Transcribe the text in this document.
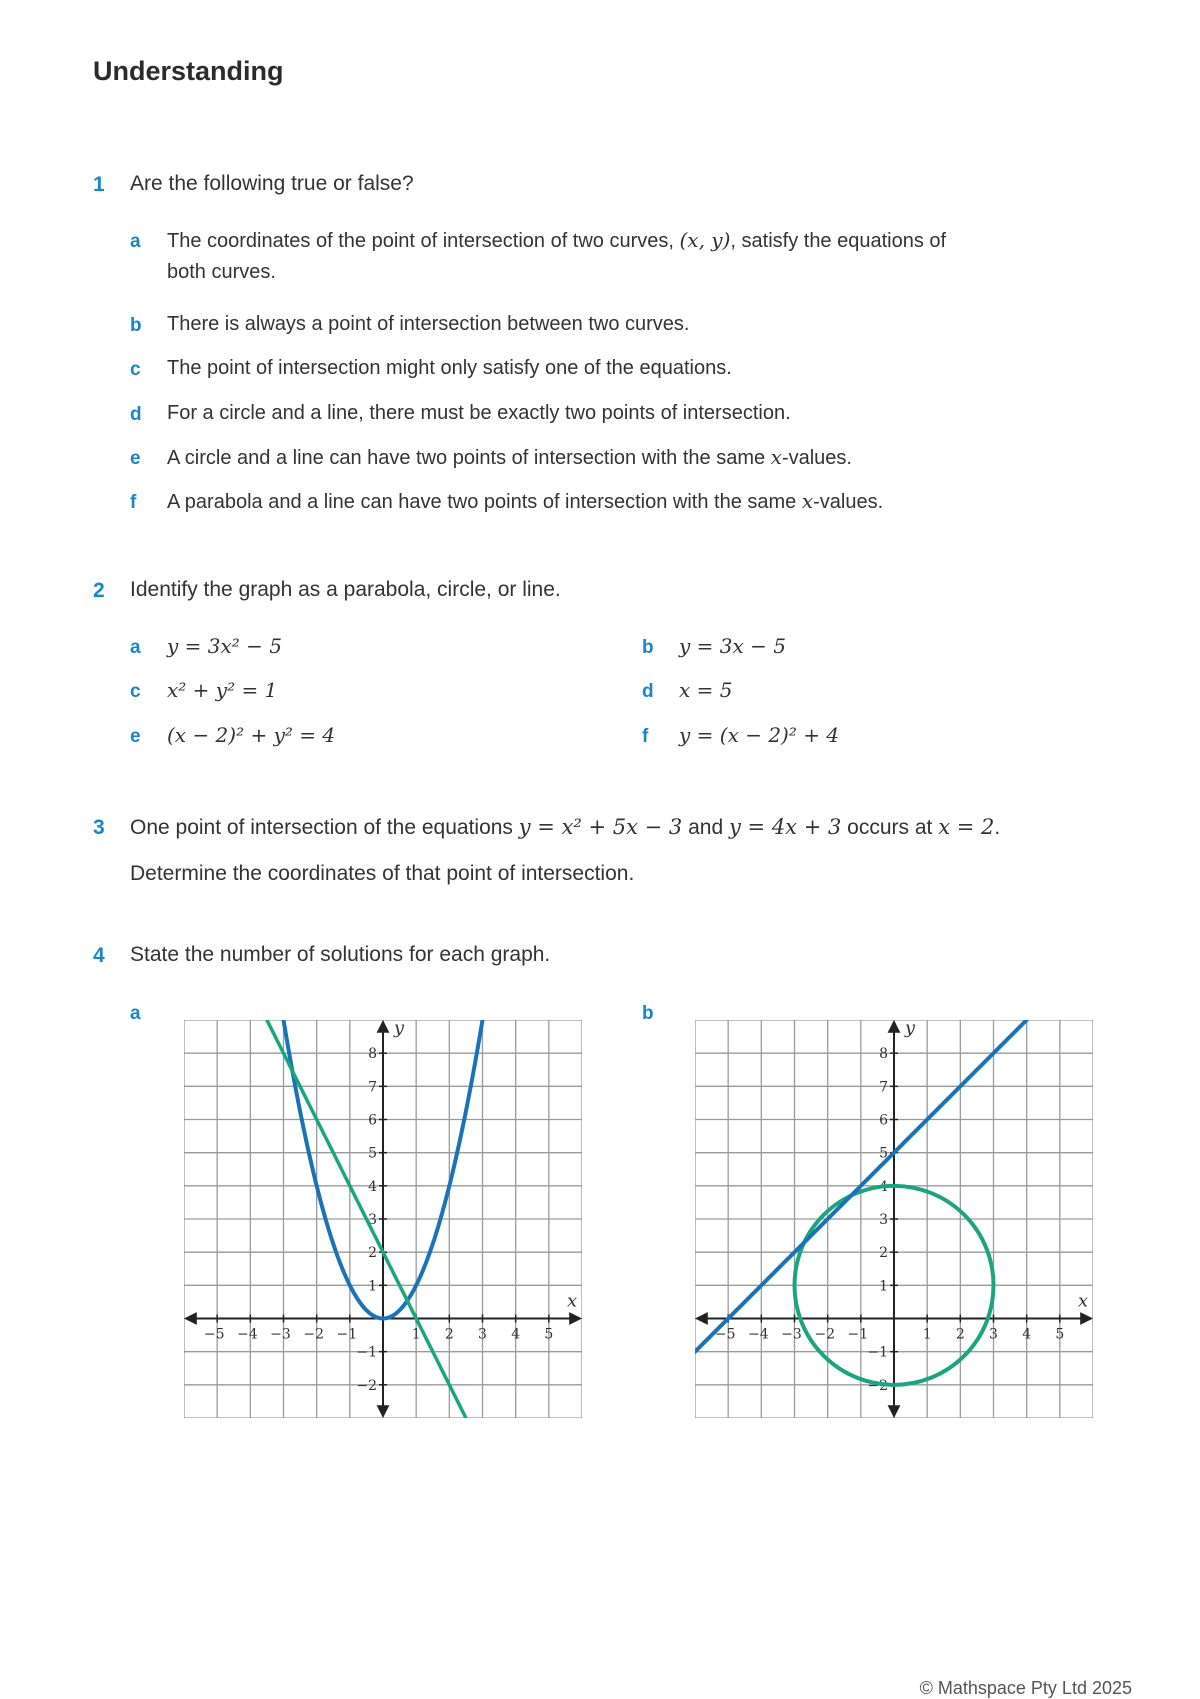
Understanding
1 Are the following true or false?
a The coordinates of the point of intersection of two curves, (x, y), satisfy the equations of
both curves.
b There is always a point of intersection between two curves.
c The point of intersection might only satisfy one of the equations.
d For a circle and a line, there must be exactly two points of intersection.
e A circle and a line can have two points of intersection with the same x-values.
f A parabola and a line can have two points of intersection with the same x-values.
2 Identify the graph as a parabola, circle, or line.
a y = 3x² − 5	b y = 3x − 5
c x² + y² = 1	d x = 5
e (x − 2)² + y² = 4	f y = (x − 2)² + 4
3 One point of intersection of the equations y = x² + 5x − 3 and y = 4x + 3 occurs at x = 2.
Determine the coordinates of that point of intersection.
4 State the number of solutions for each graph.
a	b
−5 −4 −3 −2 −1	1 2 3 4 5
8
7
6
5
4
3
2
1
−1
−2
x
y
−5 −4 −3 −2 −1	1 2 3 4 5
8
7
6
5
4
3
2
1
−1
−2
x
y
© Mathspace Pty Ltd 2025
